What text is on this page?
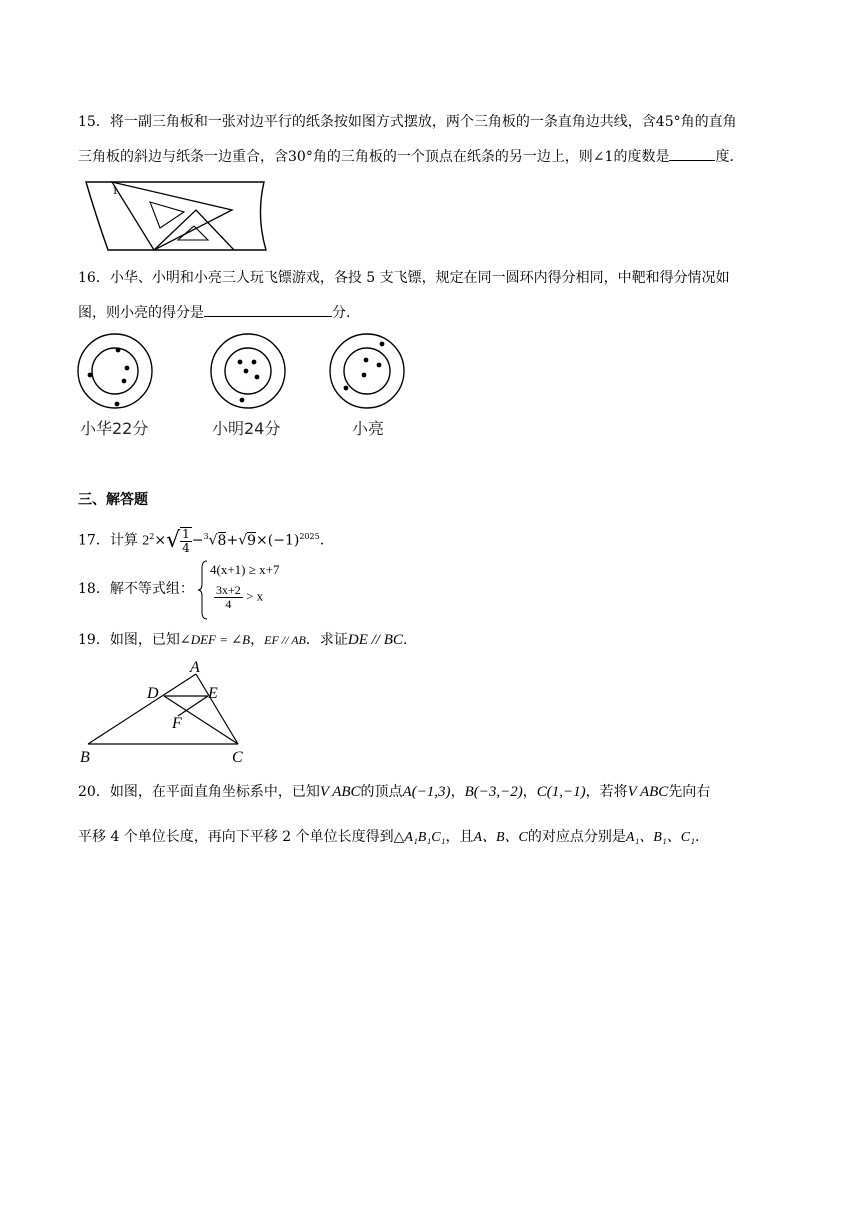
15．将一副三角板和一张对边平行的纸条按如图方式摆放，两个三角板的一条直角边共线，含45°角的直角
三角板的斜边与纸条一边重合，含30°角的三角板的一个顶点在纸条的另一边上，则∠1的度数是	度.
1
16．小华、小明和小亮三人玩飞镖游戏，各投 5 支飞镖，规定在同一圆环内得分相同，中靶和得分情况如
图，则小亮的得分是	分.
小华22分	小明24分	小亮
三、解答题
17．计算 $2^2\times√ \frac{1}{4} -^3√8+√9\times(-1)^{2025}$.
18．解不等式组：
4(x+1) ≥ x+7
$\frac{3x+2}{4} > x$
19．如图，已知∠DEF = ∠B，EF // AB．求证DE // BC.
A
D	E
F
B	C
20．如图，在平面直角坐标系中，已知V ABC的顶点A(−1,3)，B(−3,−2)，C(1,−1)，若将V ABC先向右
平移 4 个单位长度，再向下平移 2 个单位长度得到△A₁B₁C₁，且A、B、C的对应点分别是A₁、B₁、C₁.
